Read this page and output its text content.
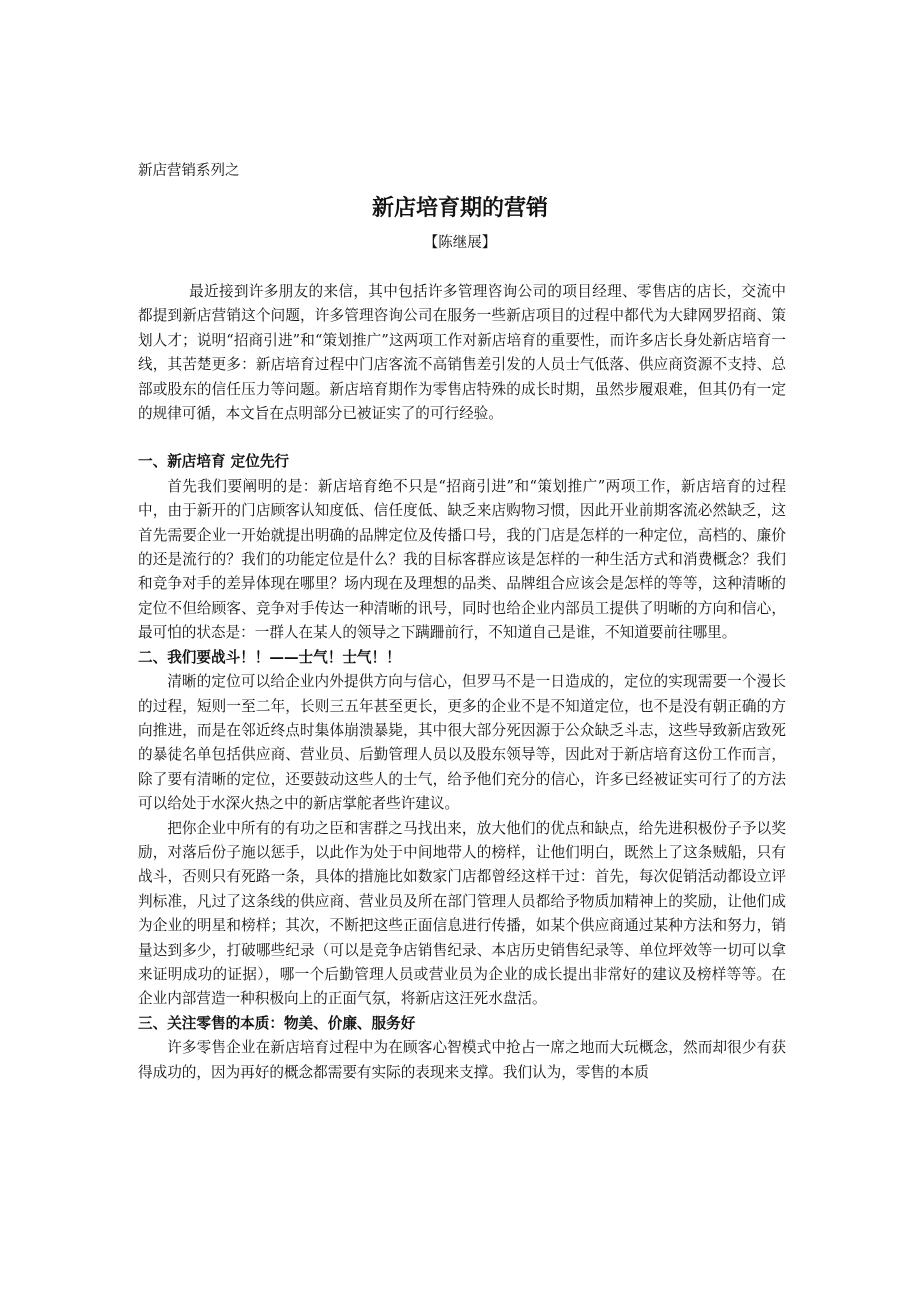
新店营销系列之
新店培育期的营销
【陈继展】

最近接到许多朋友的来信，其中包括许多管理咨询公司的项目经理、零售店的店长，交流中都提到新店营销这个问题，许多管理咨询公司在服务一些新店项目的过程中都代为大肆网罗招商、策划人才；说明“招商引进”和“策划推广”这两项工作对新店培育的重要性，而许多店长身处新店培育一线，其苦楚更多：新店培育过程中门店客流不高销售差引发的人员士气低落、供应商资源不支持、总部或股东的信任压力等问题。新店培育期作为零售店特殊的成长时期，虽然步履艰难，但其仍有一定的规律可循，本文旨在点明部分已被证实了的可行经验。

一、新店培育 定位先行

首先我们要阐明的是：新店培育绝不只是“招商引进”和“策划推广”两项工作，新店培育的过程中，由于新开的门店顾客认知度低、信任度低、缺乏来店购物习惯，因此开业前期客流必然缺乏，这首先需要企业一开始就提出明确的品牌定位及传播口号，我的门店是怎样的一种定位，高档的、廉价的还是流行的？我们的功能定位是什么？我的目标客群应该是怎样的一种生活方式和消费概念？我们和竞争对手的差异体现在哪里？场内现在及理想的品类、品牌组合应该会是怎样的等等，这种清晰的定位不但给顾客、竞争对手传达一种清晰的讯号，同时也给企业内部员工提供了明晰的方向和信心，最可怕的状态是：一群人在某人的领导之下蹒跚前行，不知道自己是谁，不知道要前往哪里。

二、我们要战斗！！——士气！士气！！

清晰的定位可以给企业内外提供方向与信心，但罗马不是一日造成的，定位的实现需要一个漫长的过程，短则一至二年，长则三五年甚至更长，更多的企业不是不知道定位，也不是没有朝正确的方向推进，而是在邻近终点时集体崩溃暴毙，其中很大部分死因源于公众缺乏斗志，这些导致新店致死的暴徒名单包括供应商、营业员、后勤管理人员以及股东领导等，因此对于新店培育这份工作而言，除了要有清晰的定位，还要鼓动这些人的士气，给予他们充分的信心，许多已经被证实可行了的方法可以给处于水深火热之中的新店掌舵者些许建议。

把你企业中所有的有功之臣和害群之马找出来，放大他们的优点和缺点，给先进积极份子予以奖励，对落后份子施以惩手，以此作为处于中间地带人的榜样，让他们明白，既然上了这条贼船，只有战斗，否则只有死路一条，具体的措施比如数家门店都曾经这样干过：首先，每次促销活动都设立评判标准，凡过了这条线的供应商、营业员及所在部门管理人员都给予物质加精神上的奖励，让他们成为企业的明星和榜样；其次，不断把这些正面信息进行传播，如某个供应商通过某种方法和努力，销量达到多少，打破哪些纪录（可以是竞争店销售纪录、本店历史销售纪录等、单位坪效等一切可以拿来证明成功的证据），哪一个后勤管理人员或营业员为企业的成长提出非常好的建议及榜样等等。在企业内部营造一种积极向上的正面气氛，将新店这汪死水盘活。

三、关注零售的本质：物美、价廉、服务好

许多零售企业在新店培育过程中为在顾客心智模式中抢占一席之地而大玩概念，然而却很少有获得成功的，因为再好的概念都需要有实际的表现来支撑。我们认为，零售的本质
